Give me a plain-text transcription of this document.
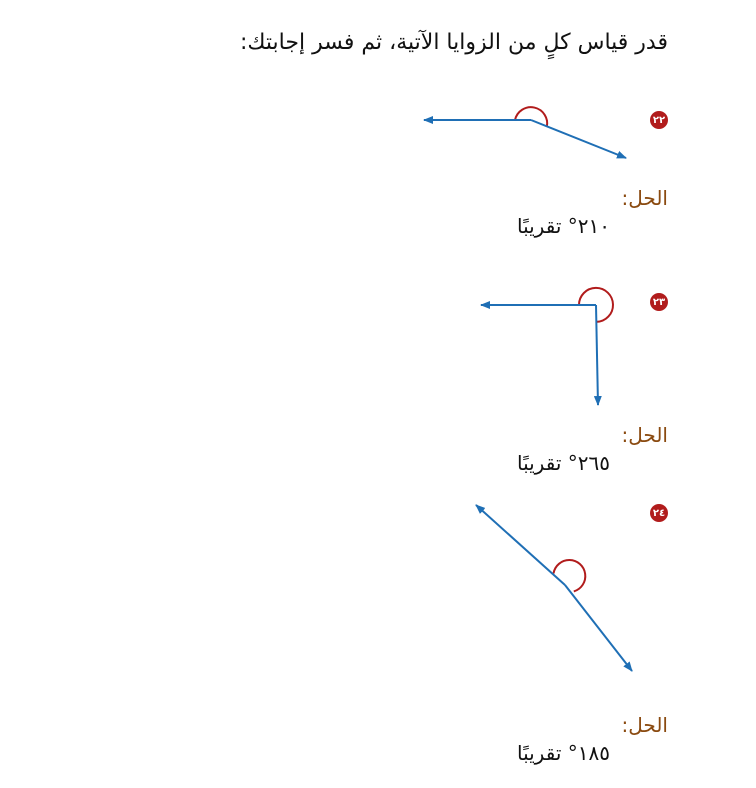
قدر قياس كلٍ من الزوايا الآتية، ثم فسر إجابتك:
٢٢
الحل:
٢١٠° تقريبًا
٢٣
الحل:
٢٦٥° تقريبًا
٢٤
الحل:
١٨٥° تقريبًا
